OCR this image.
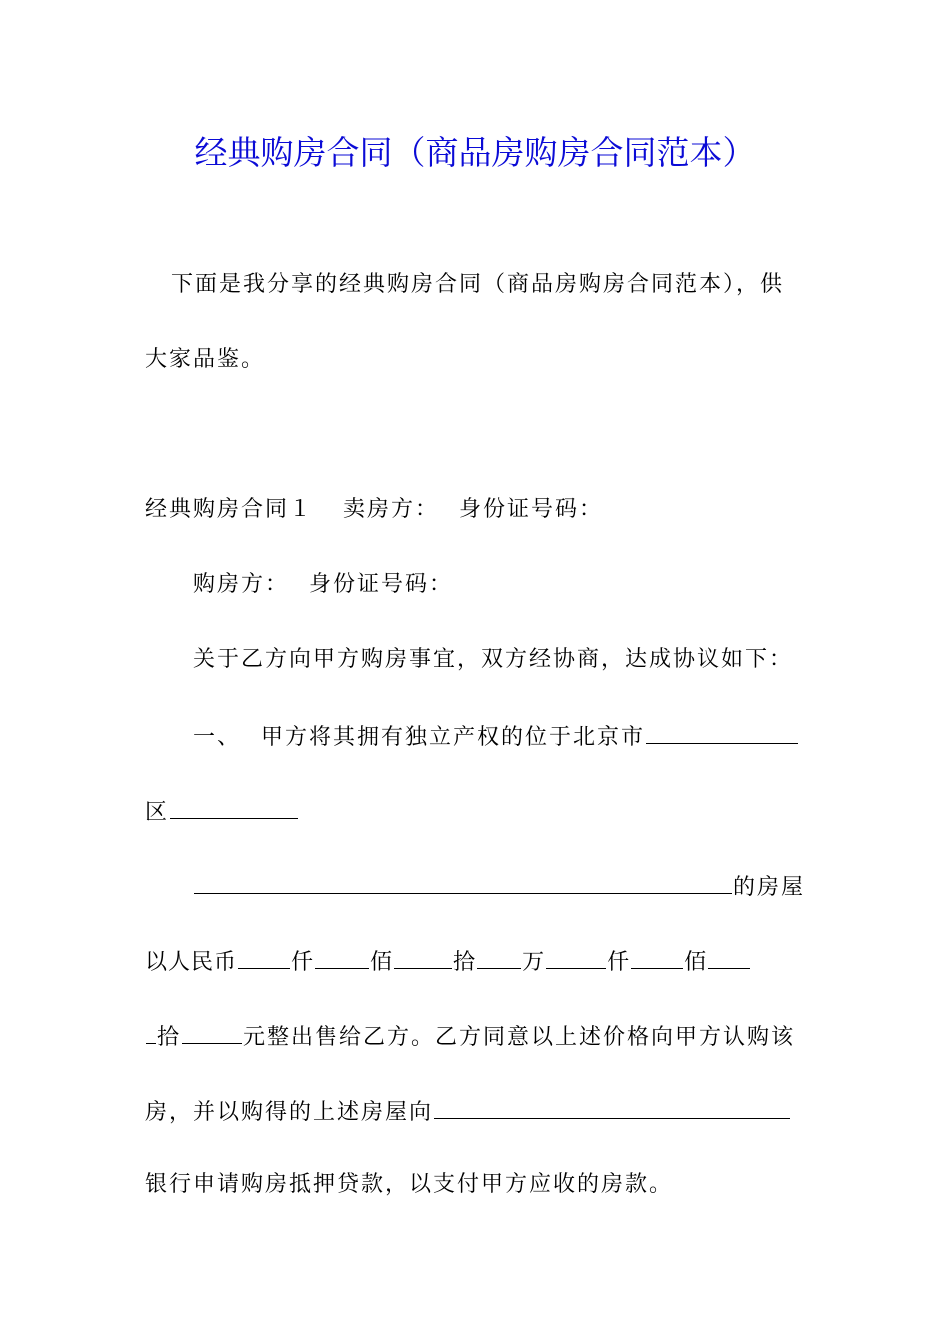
经典购房合同（商品房购房合同范本）
下面是我分享的经典购房合同（商品房购房合同范本），供
大家品鉴。
经典购房合同１ 卖房方： 身份证号码：
购房方： 身份证号码：
关于乙方向甲方购房事宜，双方经协商，达成协议如下：
一、 甲方将其拥有独立产权的位于北京市
区
的房屋
以人民币 仟	佰	拾 万	仟 佰
拾	元整出售给乙方。乙方同意以上述价格向甲方认购该
房，并以购得的上述房屋向
银行申请购房抵押贷款，以支付甲方应收的房款。
